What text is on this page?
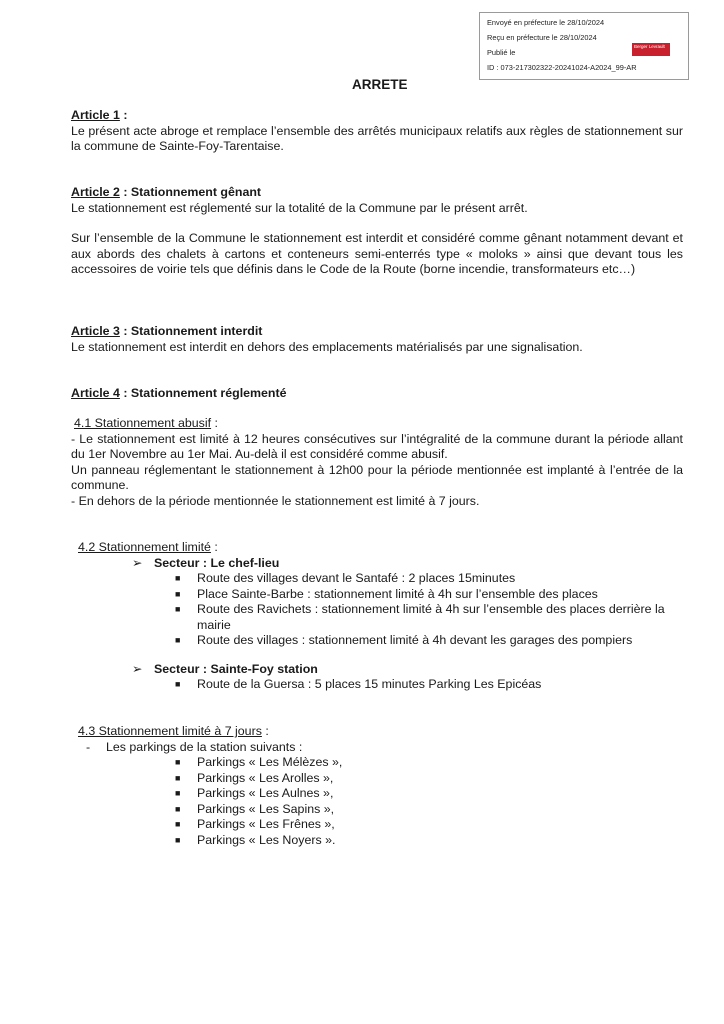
Envoyé en préfecture le 28/10/2024
Reçu en préfecture le 28/10/2024
Publié le
ID : 073-217302322-20241024-A2024_99-AR
Berger Levrault
ARRETE
Article 1 :
Le présent acte abroge et remplace l’ensemble des arrêtés municipaux relatifs aux règles de stationnement sur la commune de Sainte-Foy-Tarentaise.
Article 2 : Stationnement gênant
Le stationnement est réglementé sur la totalité de la Commune par le présent arrêt.
Sur l’ensemble de la Commune le stationnement est interdit et considéré comme gênant notamment devant et aux abords des chalets à cartons et conteneurs semi-enterrés type « moloks » ainsi que devant tous les accessoires de voirie tels que définis dans le Code de la Route (borne incendie, transformateurs etc…)
Article 3 : Stationnement interdit
Le stationnement est interdit en dehors des emplacements matérialisés par une signalisation.
Article 4 : Stationnement réglementé
4.1 Stationnement abusif :
- Le stationnement est limité à 12 heures consécutives sur l’intégralité de la commune durant la période allant du 1er Novembre au 1er Mai. Au-delà il est considéré comme abusif.
Un panneau réglementant le stationnement à 12h00 pour la période mentionnée est implanté à l’entrée de la commune.
- En dehors de la période mentionnée le stationnement est limité à 7 jours.
4.2 Stationnement limité :
➢ Secteur : Le chef-lieu
■ Route des villages devant le Santafé : 2 places 15minutes
■ Place Sainte-Barbe : stationnement limité à 4h sur l’ensemble des places
■ Route des Ravichets : stationnement limité à 4h sur l’ensemble des places derrière la mairie
■ Route des villages : stationnement limité à 4h devant les garages des pompiers
➢ Secteur : Sainte-Foy station
■ Route de la Guersa : 5 places 15 minutes Parking Les Epicéas
4.3 Stationnement limité à 7 jours :
- Les parkings de la station suivants :
■ Parkings « Les Mélèzes »,
■ Parkings « Les Arolles »,
■ Parkings « Les Aulnes »,
■ Parkings « Les Sapins »,
■ Parkings « Les Frênes »,
■ Parkings « Les Noyers ».
